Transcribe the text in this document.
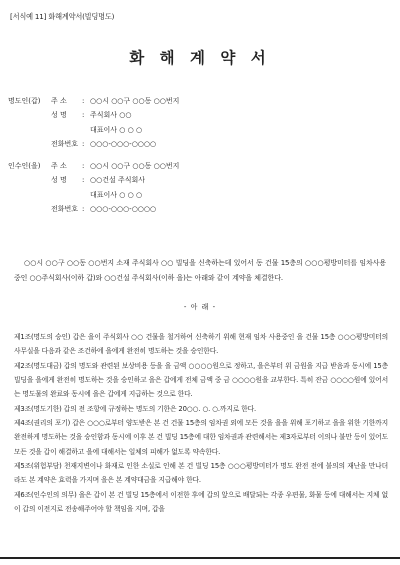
[서식예 11] 화해계약서(빌딩명도)
화 해 계 약 서
명도인(갑) 주 소 : ○○시 ○○구 ○○동 ○○번지
성 명 : 주식회사 ○○
대표이사 ○ ○ ○
전화번호 : ○○○-○○○-○○○○
인수인(을) 주 소 : ○○시 ○○구 ○○동 ○○번지
성 명 : ○○건설 주식회사
대표이사 ○ ○ ○
전화번호 : ○○○-○○○-○○○○
○○시 ○○구 ○○동 ○○번지 소재 주식회사 ○○ 빌딩을 신축하는데 있어서 동 건물 15층의 ○○○평방미터를 임차사용중인 ○○주식회사(이하 갑)와 ○○건설 주식회사(이하 을)는 아래와 같이 계약을 체결한다.
- 아 래 -

제1조(명도의 승인) 갑은 을이 주식회사 ○○ 건물을 철거하여 신축하기 위해 현재 임차 사용중인 을 건물 15층 ○○○평방미터의 사무실을 다음과 같은 조건하에 을에게 완전히 명도하는 것을 승인한다.

제2조(명도대금) 갑의 명도와 관련된 보상비용 등을 을 금액 ○○○○원으로 정하고, 을은부터 위 금원을 지급 받음과 동시에 15층 빌딩을 을에게 완전히 명도하는 것을 승인하고 을은 갑에게 전체 금액 중 금 ○○○○원을 교부한다. 특히 잔금 ○○○○원에 있어서는 명도물의 완료와 동시에 을은 갑에게 지급하는 것으로 한다.

제3조(명도기한) 갑의 전 조항에 규정하는 명도의 기한은 20○○. ○. ○.까지로 한다.

제4조(권리의 포기) 갑은 ○○○로부터 양도받은 본 건 건물 15층의 임차권 외에 모든 것을 을을 위해 포기하고 을을 위한 기한까지 완전하게 명도하는 것을 승인함과 동시에 이후 본 건 빌딩 15층에 대한 임차권과 관련해서는 제3자로부터 이의나 불만 등이 있어도 모든 것을 갑이 해결하고 을에 대해서는 일체의 피해가 없도록 약속한다.

제5조(위험부담) 천재지변이나 화재로 인한 소실로 인해 본 건 빌딩 15층 ○○○평방미터가 명도 완전 전에 불의의 재난을 만나더라도 본 계약은 효력을 가지며 을은 본 계약대금을 지급해야 한다.

제6조(인수인의 의무) 을은 갑이 본 건 빌딩 15층에서 이전한 후에 갑의 앞으로 배달되는 각종 우편물, 화물 등에 대해서는 지체 없이 갑의 이전지로 전송해주어야 할 책임을 지며, 갑을
